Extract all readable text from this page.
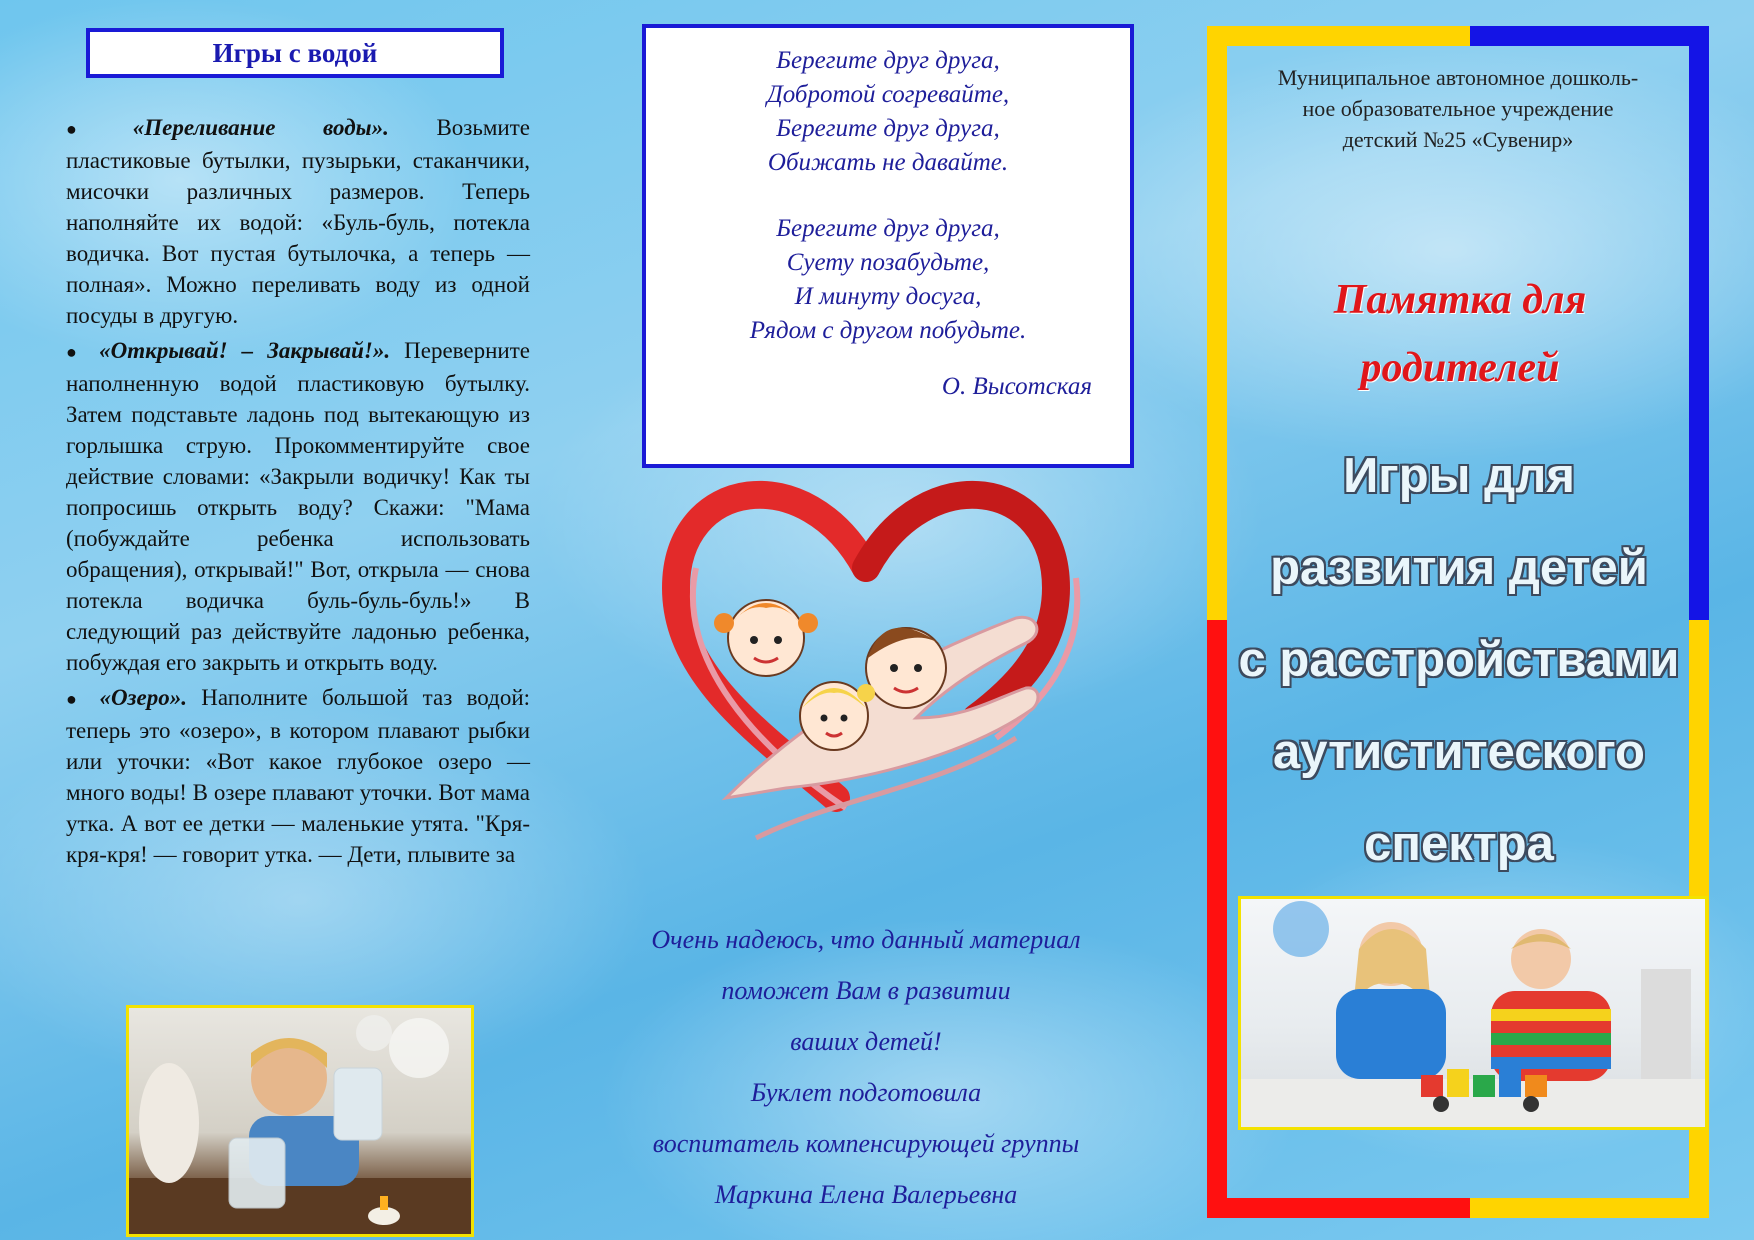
Игры с водой
● «Переливание воды». Возьмите пластиковые бутылки, пузырьки, стаканчики, мисочки различных размеров. Теперь наполняйте их водой: «Буль-буль, потекла водичка. Вот пустая бутылочка, а теперь — полная». Можно переливать воду из одной посуды в другую.
● «Открывай! – Закрывай!». Переверните наполненную водой пластиковую бутылку. Затем подставьте ладонь под вытекающую из горлышка струю. Прокомментируйте свое действие словами: «Закрыли водичку! Как ты попросишь открыть воду? Скажи: "Мама (побуждайте ребенка использовать обращения), открывай!" Вот, открыла — снова потекла водичка буль-буль-буль!» В следующий раз действуйте ладонью ребенка, побуждая его закрыть и открыть воду.
● «Озеро». Наполните большой таз водой: теперь это «озеро», в котором плавают рыбки или уточки: «Вот какое глубокое озеро — много воды! В озере плавают уточки. Вот мама утка. А вот ее детки — маленькие утята. "Кря-кря-кря! — говорит утка. — Дети, плывите за
Берегите друг друга,
Добротой согревайте,
Берегите друг друга,
Обижать не давайте.
Берегите друг друга,
Суету позабудьте,
И минуту досуга,
Рядом с другом побудьте.
О. Высотская
Очень надеюсь, что данный материал
поможет Вам в развитии
ваших детей!
Буклет подготовила
воспитатель компенсирующей группы
Маркина Елена Валерьевна
Муниципальное автономное дошколь-
ное образовательное учреждение
детский №25 «Сувенир»
Памятка для
родителей
Игры для
развития детей
с расстройствами
аутиститеского
спектра
